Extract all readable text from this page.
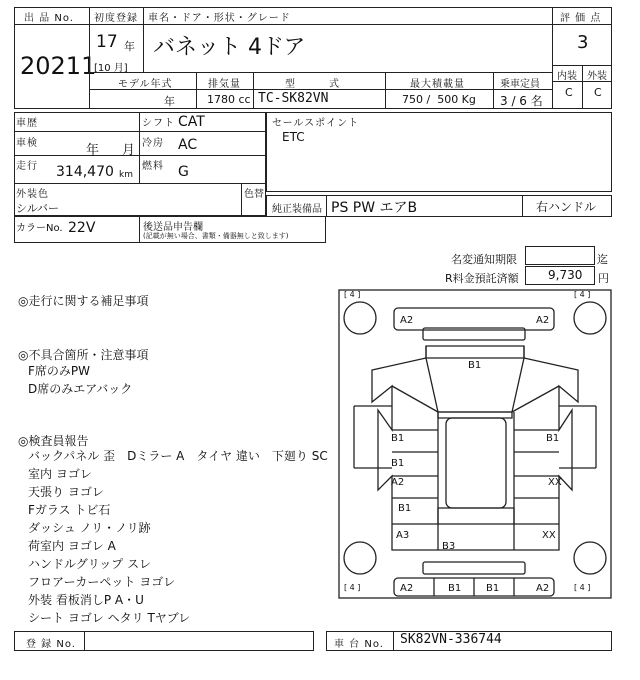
出 品 No.
20211
初度登録 車名・ドア・形状・グレード
17 年
[10 月]
バネット 4ドア
評 価 点
3
内装 外装
C C
モデル年式	排気量	型　　　式	最大積載量	乗車定員
年	1780 cc TC-SK82VN	750 /  500 Kg 3 / 6 名
車歴	シフト CAT
車検	年 月 冷房 AC
走行 314,470 km
燃料 G
セールスポイント
ETC
外装色
シルバー
色替
純正装備品 PS PW エアB	右ハンドル
カラーNo. 22V	後送品申告欄
(記載が無い場合、書類・備器無しと致します)
名変通知期限	迄
R料金預託済額 9,730 円
◎走行に関する補足事項
◎不具合箇所・注意事項
F席のみPW
D席のみエアバック
◎検査員報告
バックパネル 歪　Dミラー A　タイヤ 違い　下廻り SC
室内 ヨゴレ
天張り ヨゴレ
Fガラス トビ石
ダッシュ ノリ・ノリ跡
荷室内 ヨゴレ A
ハンドルグリップ スレ
フロアーカーペット ヨゴレ
外装 看板消しP A・U
シート ヨゴレ ヘタリ Tヤブレ
[ 4 ]	[ 4 ]
[ 4 ]	[ 4 ]
A2	A2
B1
B1	B1
B1
A2	XX
B1
A3	XX
B3
A2	B1 B1	A2
登 録 No.	車 台 No. SK82VN-336744
